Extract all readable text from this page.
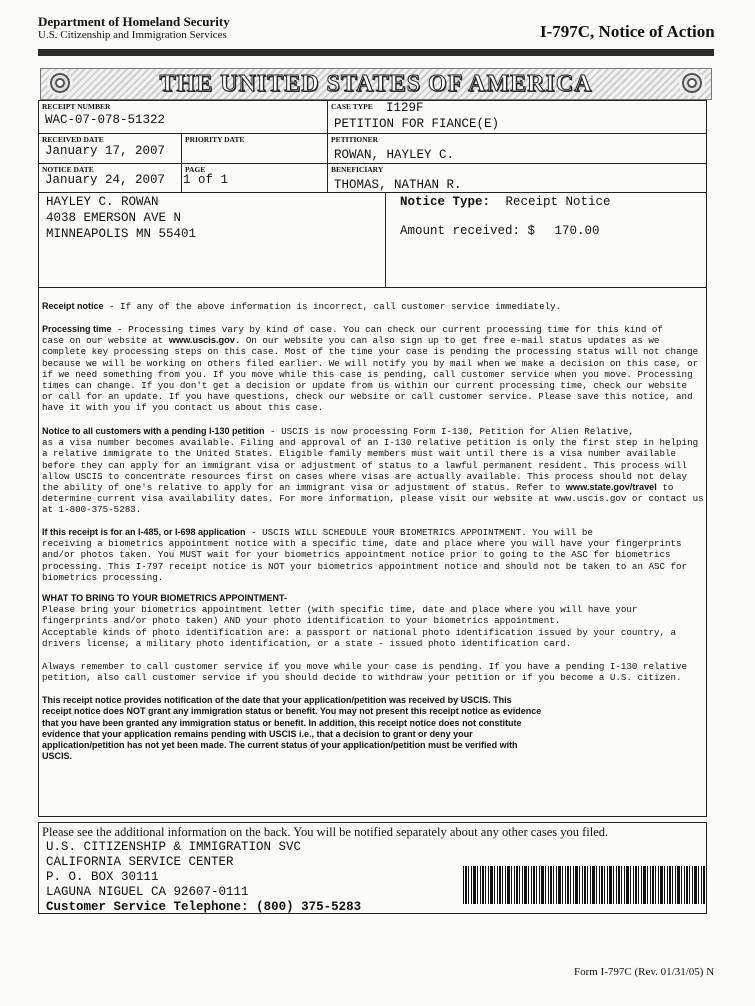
Department of Homeland Security
U.S. Citizenship and Immigration Services	I-797C, Notice of Action
THE UNITED STATES OF AMERICA
RECEIPT NUMBER
WAC-07-078-51322
CASE TYPE I129F
PETITION FOR FIANCE(E)
RECEIVED DATE
January 17, 2007
PRIORITY DATE	PETITIONER
ROWAN, HAYLEY C.
NOTICE DATE
January 24, 2007
PAGE
1 of 1
BENEFICIARY
THOMAS, NATHAN R.
HAYLEY C. ROWAN
4038 EMERSON AVE N
MINNEAPOLIS MN 55401
Notice Type: Receipt Notice
Amount received: $ 170.00
Receipt notice - If any of the above information is incorrect, call customer service immediately.
Processing time - Processing times vary by kind of case. You can check our current processing time for this kind of
case on our website at www.uscis.gov. On our website you can also sign up to get free e-mail status updates as we
complete key processing steps on this case. Most of the time your case is pending the processing status will not change
because we will be working on others filed earlier. We will notify you by mail when we make a decision on this case, or
if we need something from you. If you move while this case is pending, call customer service when you move. Processing
times can change. If you don't get a decision or update from us within our current processing time, check our website
or call for an update. If you have questions, check our website or call customer service. Please save this notice, and
have it with you if you contact us about this case.
Notice to all customers with a pending I-130 petition - USCIS is now processing Form I-130, Petition for Alien Relative,
as a visa number becomes available. Filing and approval of an I-130 relative petition is only the first step in helping
a relative immigrate to the United States. Eligible family members must wait until there is a visa number available
before they can apply for an immigrant visa or adjustment of status to a lawful permanent resident. This process will
allow USCIS to concentrate resources first on cases where visas are actually available. This process should not delay
the ability of one's relative to apply for an immigrant visa or adjustment of status. Refer to www.state.gov/travel to
determine current visa availability dates. For more information, please visit our website at www.uscis.gov or contact us
at 1-800-375-5283.
If this receipt is for an I-485, or I-698 application - USCIS WILL SCHEDULE YOUR BIOMETRICS APPOINTMENT. You will be
receiving a biometrics appointment notice with a specific time, date and place where you will have your fingerprints
and/or photos taken. You MUST wait for your biometrics appointment notice prior to going to the ASC for biometrics
processing. This I-797 receipt notice is NOT your biometrics appointment notice and should not be taken to an ASC for
biometrics processing.
WHAT TO BRING TO YOUR BIOMETRICS APPOINTMENT-
Please bring your biometrics appointment letter (with specific time, date and place where you will have your
fingerprints and/or photo taken) AND your photo identification to your biometrics appointment.
Acceptable kinds of photo identification are: a passport or national photo identification issued by your country, a
drivers license, a military photo identification, or a state - issued photo identification card.
Always remember to call customer service if you move while your case is pending. If you have a pending I-130 relative
petition, also call customer service if you should decide to withdraw your petition or if you become a U.S. citizen.
This receipt notice provides notification of the date that your application/petition was received by USCIS. This
receipt notice does NOT grant any immigration status or benefit. You may not present this receipt notice as evidence
that you have been granted any immigration status or benefit. In addition, this receipt notice does not constitute
evidence that your application remains pending with USCIS i.e., that a decision to grant or deny your
application/petition has not yet been made. The current status of your application/petition must be verified with
USCIS.
Please see the additional information on the back. You will be notified separately about any other cases you filed.
U.S. CITIZENSHIP & IMMIGRATION SVC
CALIFORNIA SERVICE CENTER
P. O. BOX 30111
LAGUNA NIGUEL CA 92607-0111
Customer Service Telephone: (800) 375-5283
Form I-797C (Rev. 01/31/05) N
